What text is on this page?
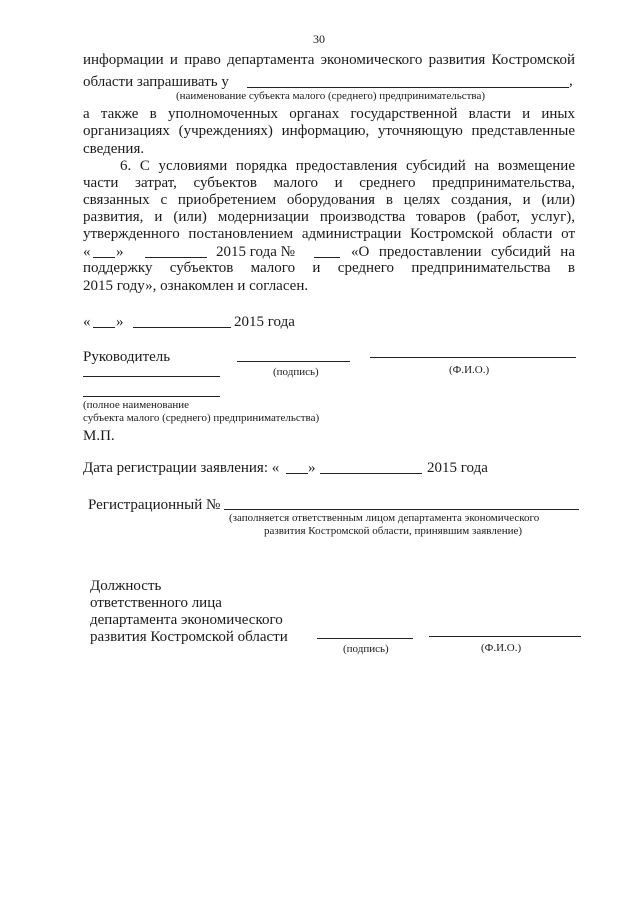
30
информации и право департамента экономического развития Костромской
области запрашивать у	,
(наименование субъекта малого (среднего) предпринимательства)
а также в уполномоченных органах государственной власти и иных
организациях (учреждениях) информацию, уточняющую представленные
сведения.
6. С условиями порядка предоставления субсидий на возмещение
части затрат, субъектов малого и среднего предпринимательства,
связанных с приобретением оборудования в целях создания, и (или)
развития, и (или) модернизации производства товаров (работ, услуг),
утвержденного постановлением администрации Костромской области от
« »	2015 года №	«О предоставлении субсидий на
поддержку субъектов малого и среднего предпринимательства в
2015 году», ознакомлен и согласен.
« »	2015 года
Руководитель
(подпись)	(Ф.И.О.)
(полное наименование
субъекта малого (среднего) предпринимательства)
М.П.
Дата регистрации заявления: « »	2015 года
Регистрационный №
(заполняется ответственным лицом департамента экономического
развития Костромской области, принявшим заявление)
Должность
ответственного лица
департамента экономического
развития Костромской области
(подпись)	(Ф.И.О.)
